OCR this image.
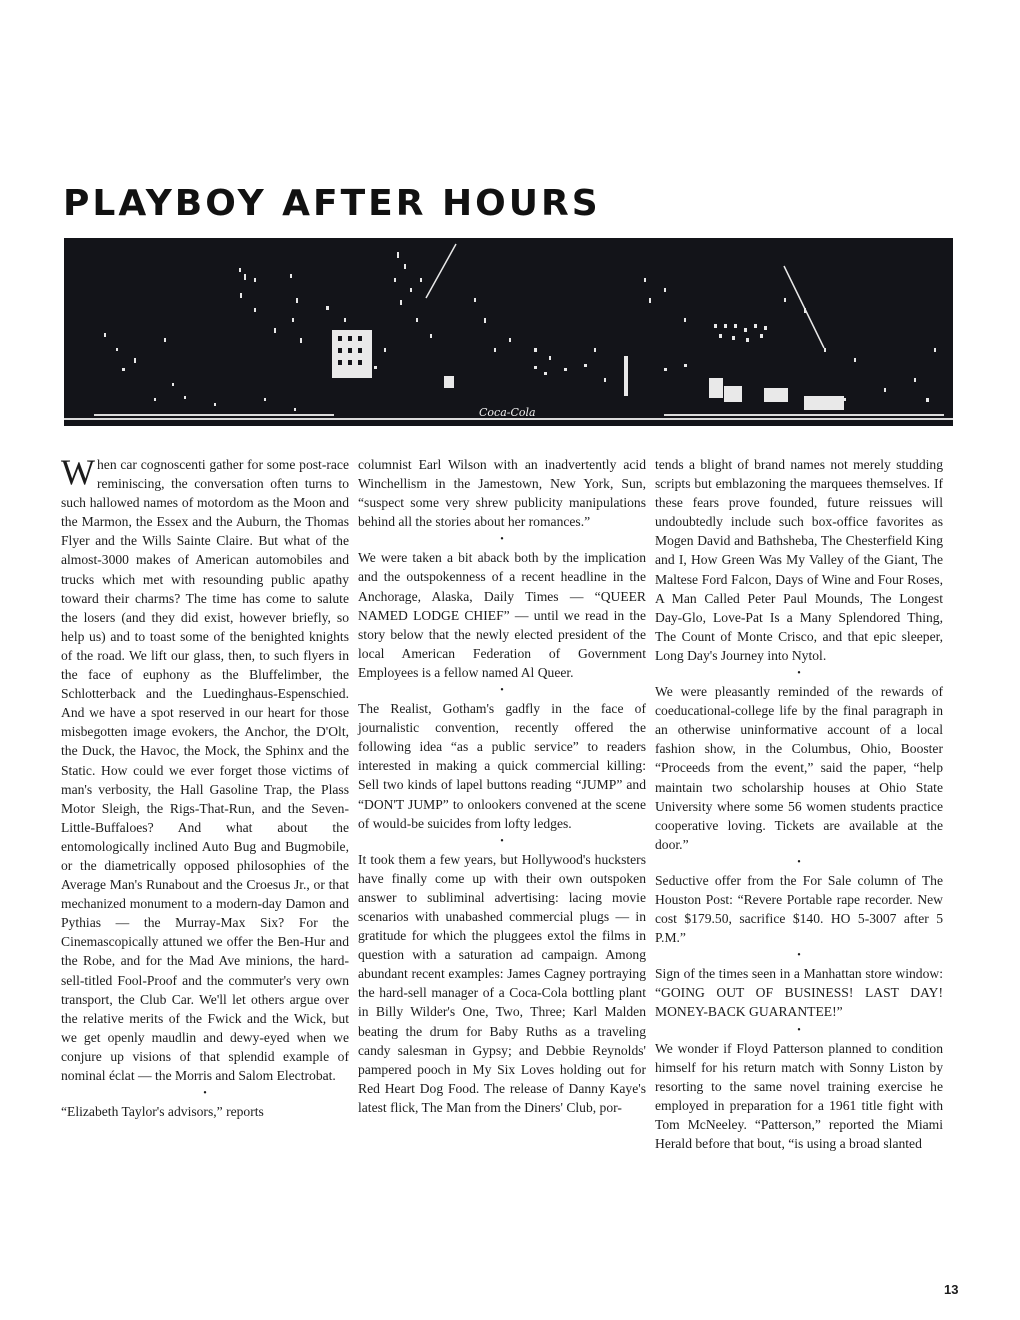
PLAYBOY AFTER HOURS
Coca-Cola

When car cognoscenti gather for some post-race reminiscing, the conversation often turns to such hallowed names of motordom as the Moon and the Marmon, the Essex and the Auburn, the Thomas Flyer and the Wills Sainte Claire. But what of the almost-3000 makes of American automobiles and trucks which met with resounding public apathy toward their charms? The time has come to salute the losers (and they did exist, however briefly, so help us) and to toast some of the benighted knights of the road. We lift our glass, then, to such flyers in the face of euphony as the Bluffelimber, the Schlotterback and the Luedinghaus-Espenschied. And we have a spot reserved in our heart for those misbegotten image evokers, the Anchor, the D'Olt, the Duck, the Havoc, the Mock, the Sphinx and the Static. How could we ever forget those victims of man's verbosity, the Hall Gasoline Trap, the Plass Motor Sleigh, the Rigs-That-Run, and the Seven-Little-Buffaloes? And what about the entomologically inclined Auto Bug and Bugmobile, or the diametrically opposed philosophies of the Average Man's Runabout and the Croesus Jr., or that mechanized monument to a modern-day Damon and Pythias — the Murray-Max Six? For the Cinemascopically attuned we offer the Ben-Hur and the Robe, and for the Mad Ave minions, the hard-sell-titled Fool-Proof and the commuter's very own transport, the Club Car. We'll let others argue over the relative merits of the Fwick and the Wick, but we get openly maudlin and dewy-eyed when we conjure up visions of that splendid example of nominal éclat — the Morris and Salom Electrobat.

•

“Elizabeth Taylor's advisors,” reports

columnist Earl Wilson with an inadvertently acid Winchellism in the Jamestown, New York, Sun, “suspect some very shrew publicity manipulations behind all the stories about her romances.”

•

We were taken a bit aback both by the implication and the outspokenness of a recent headline in the Anchorage, Alaska, Daily Times — “QUEER NAMED LODGE CHIEF” — until we read in the story below that the newly elected president of the local American Federation of Government Employees is a fellow named Al Queer.

•

The Realist, Gotham's gadfly in the face of journalistic convention, recently offered the following idea “as a public service” to readers interested in making a quick commercial killing: Sell two kinds of lapel buttons reading “JUMP” and “DON'T JUMP” to onlookers convened at the scene of would-be suicides from lofty ledges.

•

It took them a few years, but Hollywood's hucksters have finally come up with their own outspoken answer to subliminal advertising: lacing movie scenarios with unabashed commercial plugs — in gratitude for which the pluggees extol the films in question with a saturation ad campaign. Among abundant recent examples: James Cagney portraying the hard-sell manager of a Coca-Cola bottling plant in Billy Wilder's One, Two, Three; Karl Malden beating the drum for Baby Ruths as a traveling candy salesman in Gypsy; and Debbie Reynolds' pampered pooch in My Six Loves holding out for Red Heart Dog Food. The release of Danny Kaye's latest flick, The Man from the Diners' Club, por-

tends a blight of brand names not merely studding scripts but emblazoning the marquees themselves. If these fears prove founded, future reissues will undoubtedly include such box-office favorites as Mogen David and Bathsheba, The Chesterfield King and I, How Green Was My Valley of the Giant, The Maltese Ford Falcon, Days of Wine and Four Roses, A Man Called Peter Paul Mounds, The Longest Day-Glo, Love-Pat Is a Many Splendored Thing, The Count of Monte Crisco, and that epic sleeper, Long Day's Journey into Nytol.

•

We were pleasantly reminded of the rewards of coeducational-college life by the final paragraph in an otherwise uninformative account of a local fashion show, in the Columbus, Ohio, Booster “Proceeds from the event,” said the paper, “help maintain two scholarship houses at Ohio State University where some 56 women students practice cooperative loving. Tickets are available at the door.”

•

Seductive offer from the For Sale column of The Houston Post: “Revere Portable rape recorder. New cost $179.50, sacrifice $140. HO 5-3007 after 5 P.M.”

•

Sign of the times seen in a Manhattan store window: “GOING OUT OF BUSINESS! LAST DAY! MONEY-BACK GUARANTEE!”

•

We wonder if Floyd Patterson planned to condition himself for his return match with Sonny Liston by resorting to the same novel training exercise he employed in preparation for a 1961 title fight with Tom McNeeley. “Patterson,” reported the Miami Herald before that bout, “is using a broad slanted

13
